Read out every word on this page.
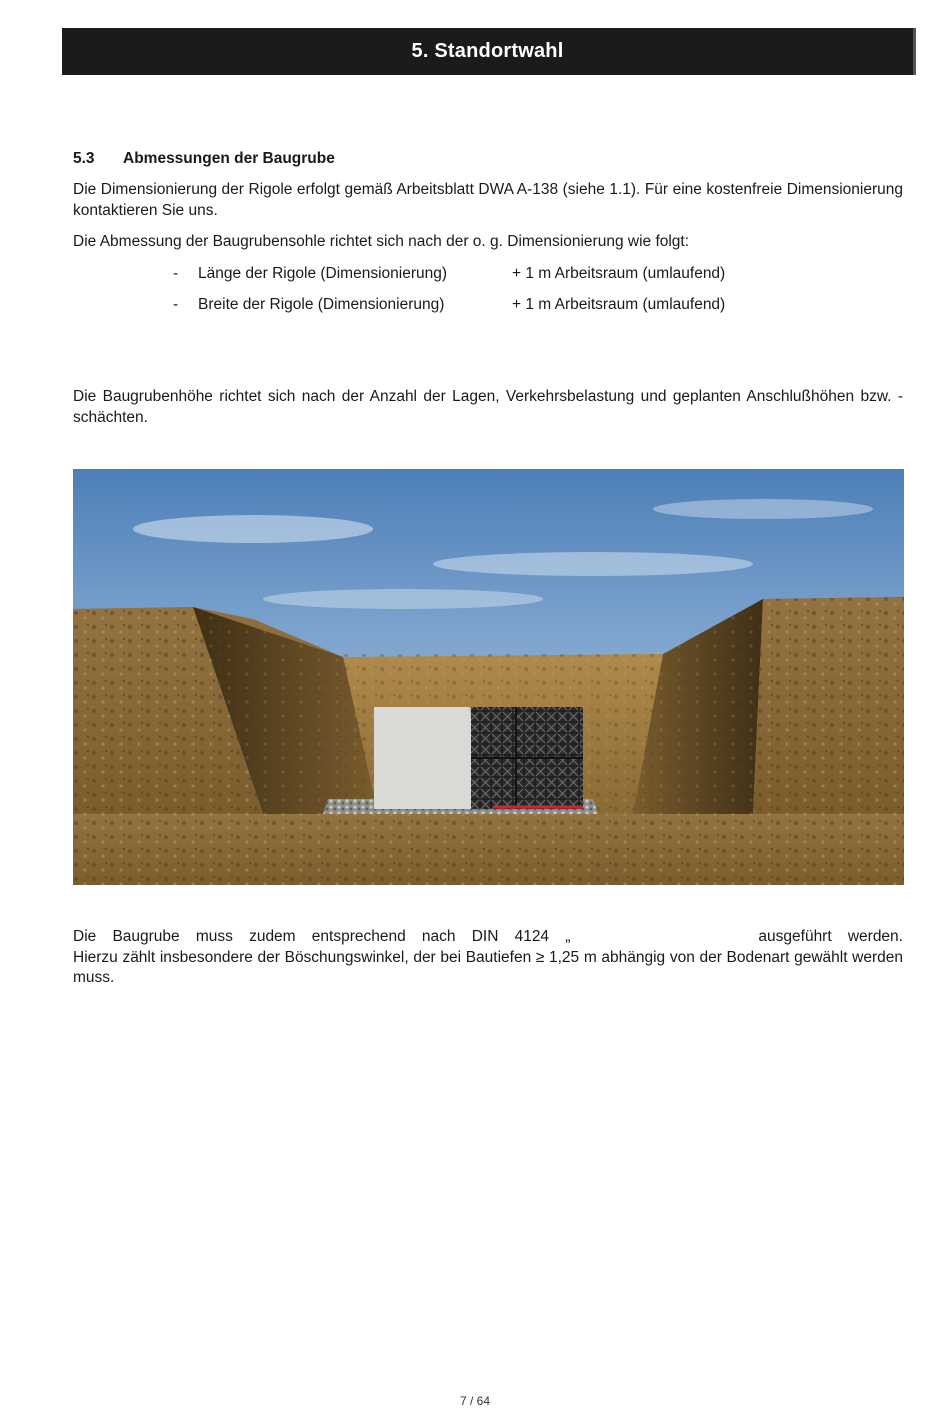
5. Standortwahl
5.3 Abmessungen der Baugrube

Die Dimensionierung der Rigole erfolgt gemäß Arbeitsblatt DWA A-138 (siehe 1.1). Für eine kostenfreie Dimensionierung kontaktieren Sie uns.

Die Abmessung der Baugrubensohle richtet sich nach der o. g. Dimensionierung wie folgt:

-	Länge der Rigole (Dimensionierung)	+ 1 m Arbeitsraum (umlaufend)
-	Breite der Rigole (Dimensionierung)	+ 1 m Arbeitsraum (umlaufend)

Die Baugrubenhöhe richtet sich nach der Anzahl der Lagen, Verkehrsbelastung und geplanten Anschlußhöhen bzw. - schächten.

Die Baugrube muss zudem entsprechend nach DIN 4124 „	ausgeführt werden.

Hierzu zählt insbesondere der Böschungswinkel, der bei Bautiefen ≥ 1,25 m abhängig von der Bodenart gewählt werden muss.

7 / 64
